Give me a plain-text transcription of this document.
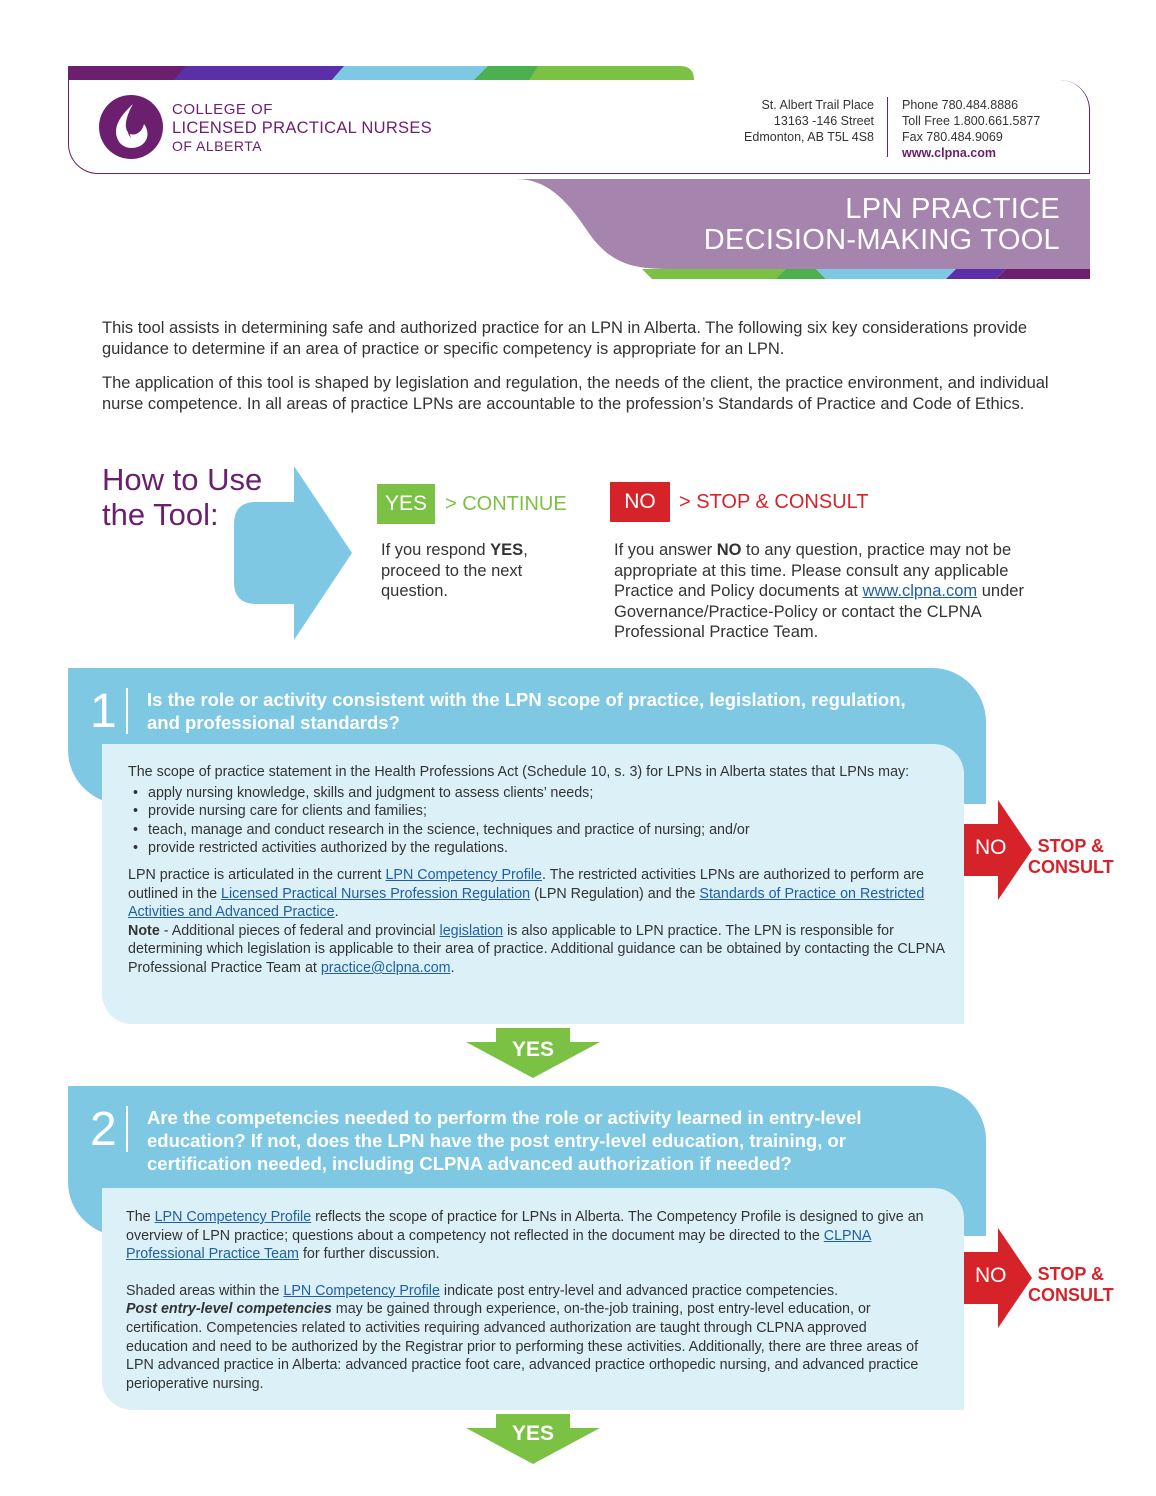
COLLEGE OF
LICENSED PRACTICAL NURSES
OF ALBERTA
St. Albert Trail Place
13163 -146 Street
Edmonton, AB T5L 4S8
Phone 780.484.8886
Toll Free 1.800.661.5877
Fax 780.484.9069
www.clpna.com
LPN PRACTICE
DECISION-MAKING TOOL

This tool assists in determining safe and authorized practice for an LPN in Alberta. The following six key considerations provide guidance to determine if an area of practice or specific competency is appropriate for an LPN.

The application of this tool is shaped by legislation and regulation, the needs of the client, the practice environment, and individual nurse competence. In all areas of practice LPNs are accountable to the profession’s Standards of Practice and Code of Ethics.

How to Use
the Tool:	YES > CONTINUE	NO	> STOP & CONSULT

If you respond YES, proceed to the next question.

If you answer NO to any question, practice may not be appropriate at this time. Please consult any applicable Practice and Policy documents at www.clpna.com under Governance/Practice-Policy or contact the CLPNA Professional Practice Team.

1 Is the role or activity consistent with the LPN scope of practice, legislation, regulation, and professional standards?

The scope of practice statement in the Health Professions Act (Schedule 10, s. 3) for LPNs in Alberta states that LPNs may:

• apply nursing knowledge, skills and judgment to assess clients’ needs;
• provide nursing care for clients and families;
• teach, manage and conduct research in the science, techniques and practice of nursing; and/or
• provide restricted activities authorized by the regulations.

LPN practice is articulated in the current LPN Competency Profile. The restricted activities LPNs are authorized to perform are outlined in the Licensed Practical Nurses Profession Regulation (LPN Regulation) and the Standards of Practice on Restricted Activities and Advanced Practice.

Note - Additional pieces of federal and provincial legislation is also applicable to LPN practice. The LPN is responsible for determining which legislation is applicable to their area of practice. Additional guidance can be obtained by contacting the CLPNA Professional Practice Team at practice@clpna.com.

NO	STOP &
CONSULT
YES
2 Are the competencies needed to perform the role or activity learned in entry-level education? If not, does the LPN have the post entry-level education, training, or certification needed, including CLPNA advanced authorization if needed?

The LPN Competency Profile reflects the scope of practice for LPNs in Alberta. The Competency Profile is designed to give an overview of LPN practice; questions about a competency not reflected in the document may be directed to the CLPNA Professional Practice Team for further discussion.

Shaded areas within the LPN Competency Profile indicate post entry-level and advanced practice competencies.
Post entry-level competencies may be gained through experience, on-the-job training, post entry-level education, or certification. Competencies related to activities requiring advanced authorization are taught through CLPNA approved education and need to be authorized by the Registrar prior to performing these activities. Additionally, there are three areas of LPN advanced practice in Alberta: advanced practice foot care, advanced practice orthopedic nursing, and advanced practice perioperative nursing.

NO	STOP &
CONSULT
YES
